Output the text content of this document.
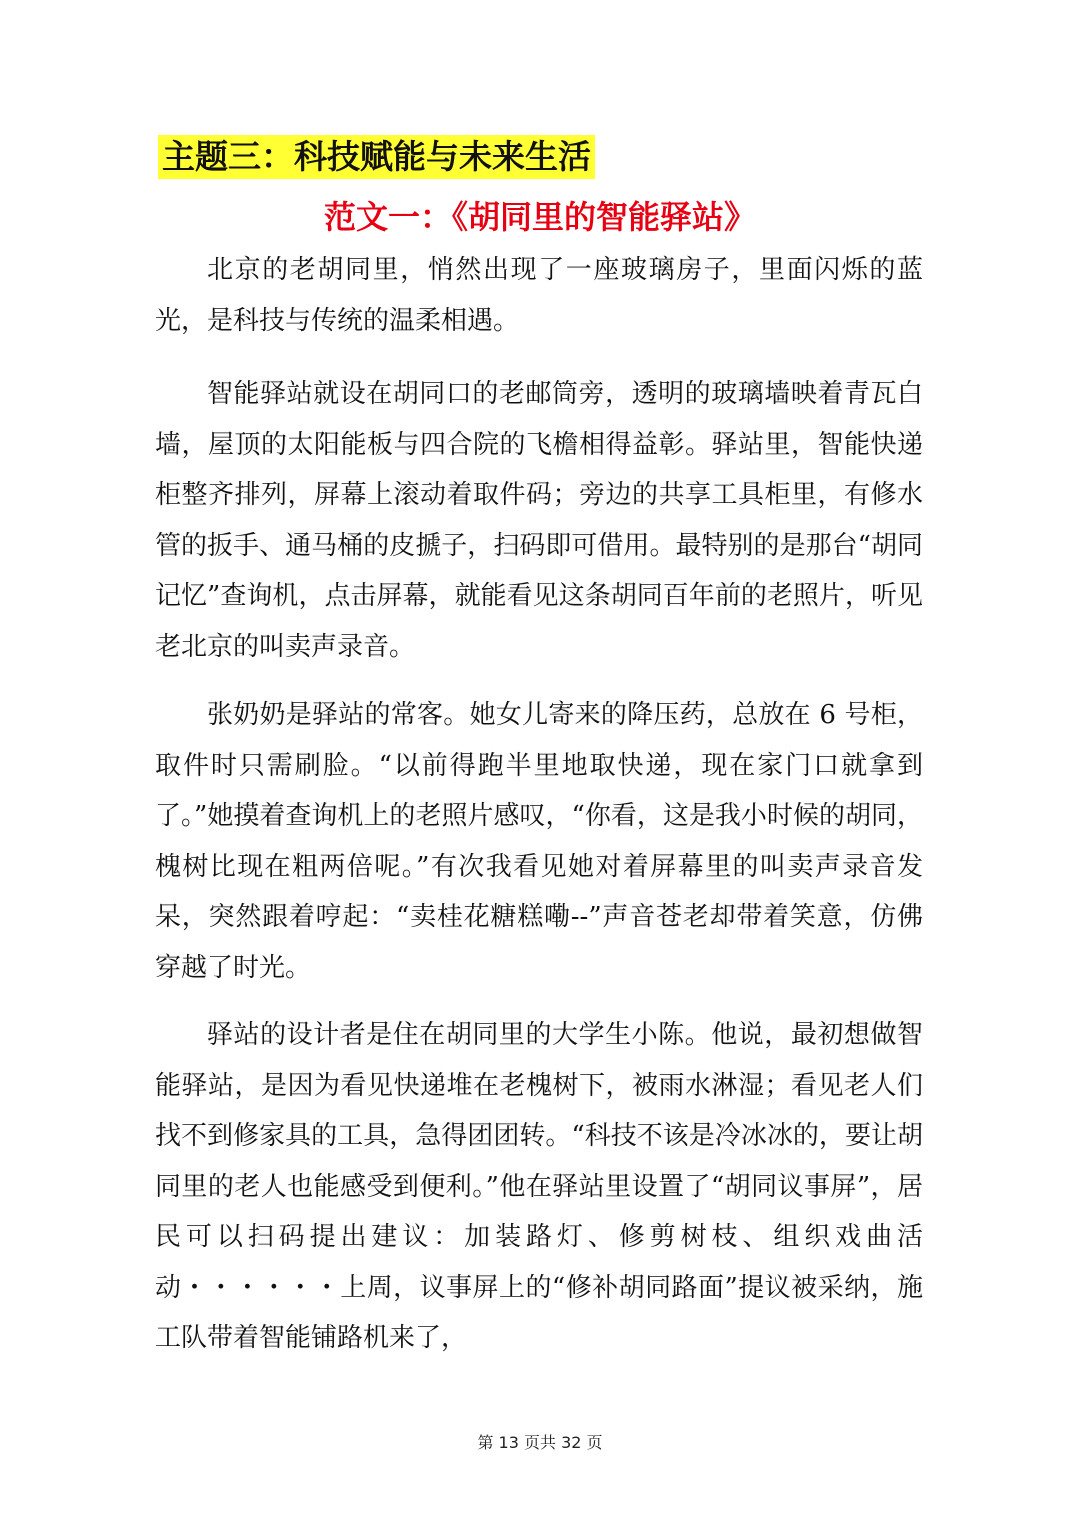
主题三：科技赋能与未来生活
范文一：《胡同里的智能驿站》

北京的老胡同里，悄然出现了一座玻璃房子，里面闪烁的蓝光，是科技与传统的温柔相遇。

智能驿站就设在胡同口的老邮筒旁，透明的玻璃墙映着青瓦白墙，屋顶的太阳能板与四合院的飞檐相得益彰。驿站里，智能快递柜整齐排列，屏幕上滚动着取件码；旁边的共享工具柜里，有修水管的扳手、通马桶的皮搋子，扫码即可借用。最特别的是那台“胡同记忆”查询机，点击屏幕，就能看见这条胡同百年前的老照片，听见老北京的叫卖声录音。

张奶奶是驿站的常客。她女儿寄来的降压药，总放在 6 号柜，取件时只需刷脸。“以前得跑半里地取快递，现在家门口就拿到了。”她摸着查询机上的老照片感叹，“你看，这是我小时候的胡同，槐树比现在粗两倍呢。”有次我看见她对着屏幕里的叫卖声录音发呆，突然跟着哼起：“卖桂花糖糕嘞--”声音苍老却带着笑意，仿佛穿越了时光。

驿站的设计者是住在胡同里的大学生小陈。他说，最初想做智能驿站，是因为看见快递堆在老槐树下，被雨水淋湿；看见老人们找不到修家具的工具，急得团团转。“科技不该是冷冰冰的，要让胡同里的老人也能感受到便利。”他在驿站里设置了“胡同议事屏”，居民可以扫码提出建议：加装路灯、修剪树枝、组织戏曲活动・・・・・・上周，议事屏上的“修补胡同路面”提议被采纳，施工队带着智能铺路机来了，

第 13 页共 32 页
